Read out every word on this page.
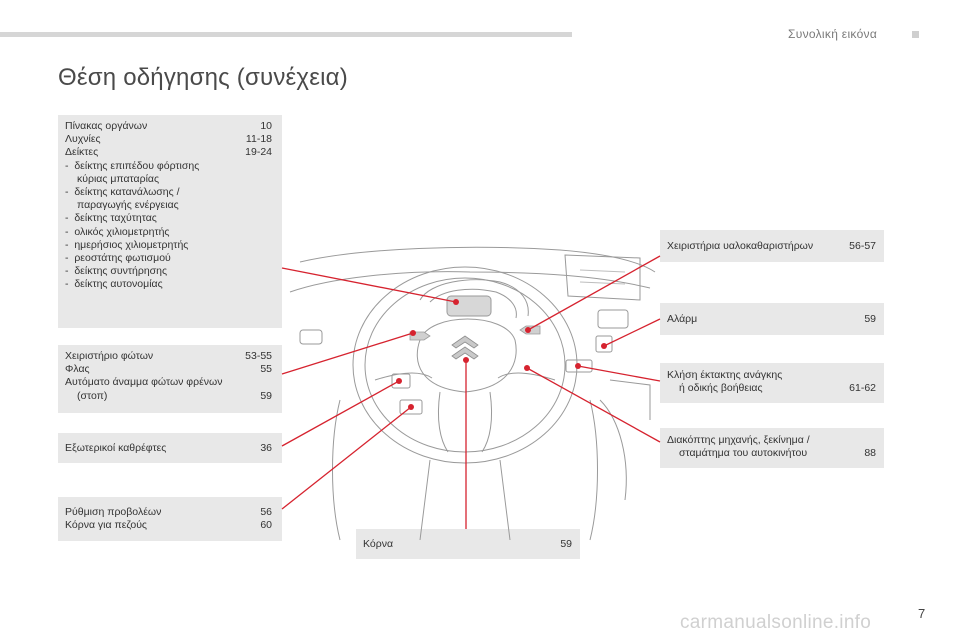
Συνολική εικόνα
Θέση οδήγησης (συνέχεια)
Πίνακας οργάνων	10
Λυχνίες	11-18
Δείκτες	19-24
-  δείκτης επιπέδου φόρτισης
κύριας μπαταρίας
-  δείκτης κατανάλωσης /
παραγωγής ενέργειας
-  δείκτης ταχύτητας
-  ολικός χιλιομετρητής
-  ημερήσιος χιλιομετρητής
-  ρεοστάτης φωτισμού
-  δείκτης συντήρησης
-  δείκτης αυτονομίας
Χειριστήριο φώτων	53-55
Φλας	55
Αυτόματο άναμμα φώτων φρένων
(στοπ)	59
Εξωτερικοί καθρέφτες	36
Ρύθμιση προβολέων	56
Κόρνα για πεζούς	60
Χειριστήρια υαλοκαθαριστήρων	56-57
Αλάρμ	59
Κλήση έκτακτης ανάγκης
ή οδικής βοήθειας	61-62
Διακόπτης μηχανής, ξεκίνημα /
σταμάτημα του αυτοκινήτου	88
Κόρνα	59
carmanualsonline.info	7
